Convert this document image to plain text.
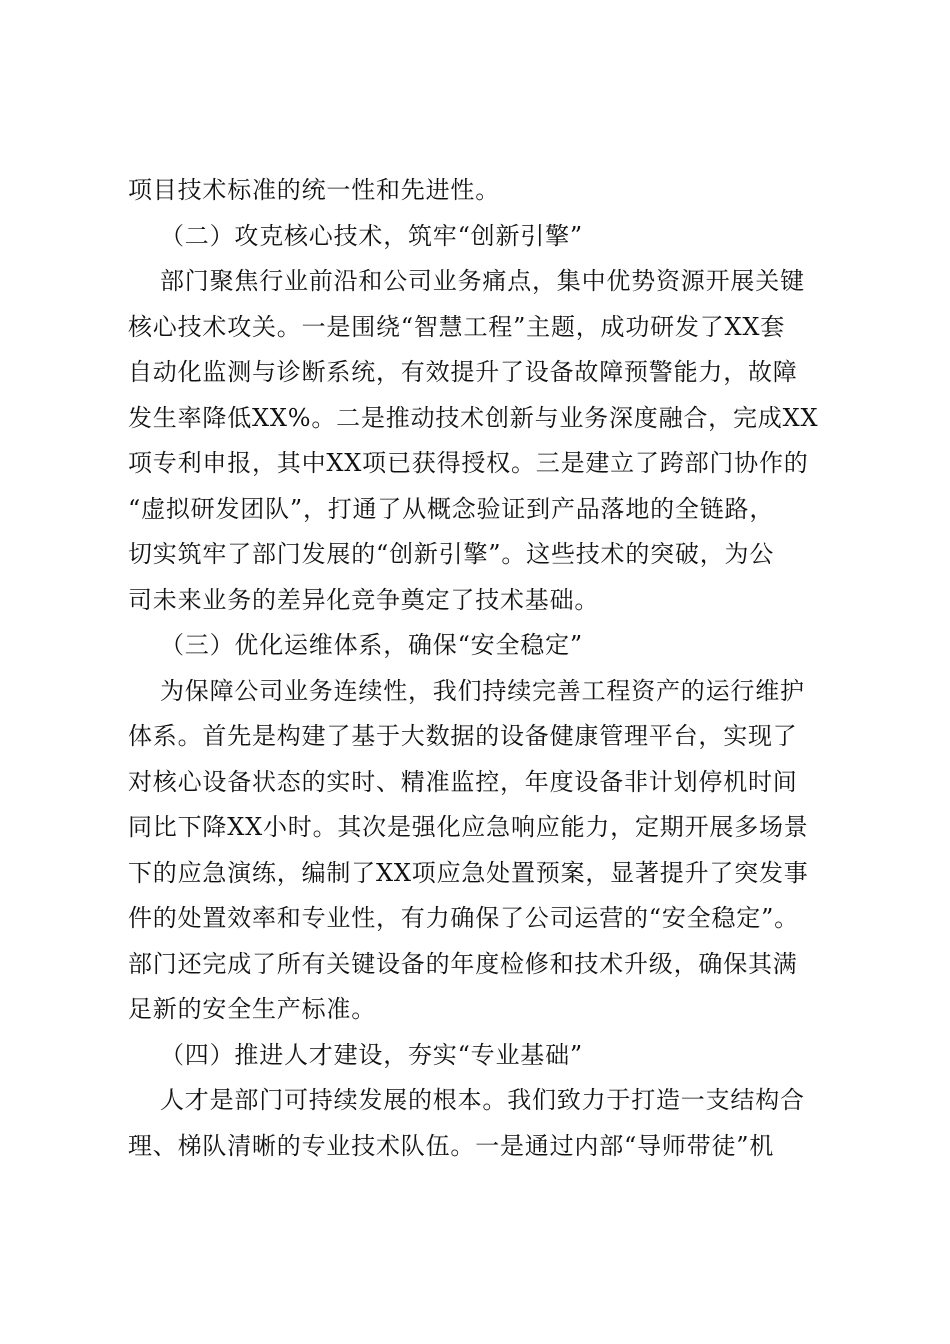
项目技术标准的统一性和先进性。
（二）攻克核心技术，筑牢“创新引擎”
部门聚焦行业前沿和公司业务痛点，集中优势资源开展关键
核心技术攻关。一是围绕“智慧工程”主题，成功研发了XX套
自动化监测与诊断系统，有效提升了设备故障预警能力，故障
发生率降低XX%。二是推动技术创新与业务深度融合，完成XX
项专利申报，其中XX项已获得授权。三是建立了跨部门协作的
“虚拟研发团队”，打通了从概念验证到产品落地的全链路，
切实筑牢了部门发展的“创新引擎”。这些技术的突破，为公
司未来业务的差异化竞争奠定了技术基础。
（三）优化运维体系，确保“安全稳定”
为保障公司业务连续性，我们持续完善工程资产的运行维护
体系。首先是构建了基于大数据的设备健康管理平台，实现了
对核心设备状态的实时、精准监控，年度设备非计划停机时间
同比下降XX小时。其次是强化应急响应能力，定期开展多场景
下的应急演练，编制了XX项应急处置预案，显著提升了突发事
件的处置效率和专业性，有力确保了公司运营的“安全稳定”。
部门还完成了所有关键设备的年度检修和技术升级，确保其满
足新的安全生产标准。
（四）推进人才建设，夯实“专业基础”
人才是部门可持续发展的根本。我们致力于打造一支结构合
理、梯队清晰的专业技术队伍。一是通过内部“导师带徒”机
